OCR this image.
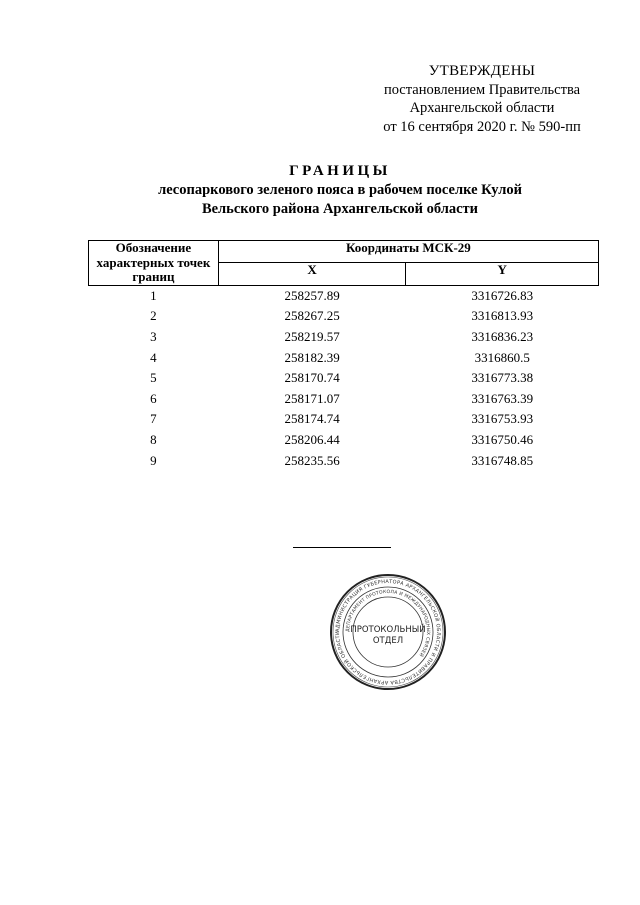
УТВЕРЖДЕНЫ
постановлением Правительства
Архангельской области
от 16 сентября 2020 г. № 590-пп
ГРАНИЦЫ
лесопаркового зеленого пояса в рабочем поселке Кулой
Вельского района Архангельской области
Обозначение характерных точек границ	Координаты МСК-29	
	X	Y
1	258257.89	3316726.83
2	258267.25	3316813.93
3	258219.57	3316836.23
4	258182.39	3316860.5
5	258170.74	3316773.38
6	258171.07	3316763.39
7	258174.74	3316753.93
8	258206.44	3316750.46
9	258235.56	3316748.85
АДМИНИСТРАЦИЯ ГУБЕРНАТОРА АРХАНГЕЛЬСКОЙ ОБЛАСТИ И ПРАВИТЕЛЬСТВА АРХАНГЕЛЬСКОЙ ОБЛАСТИ
ДЕПАРТАМЕНТ ПРОТОКОЛА И МЕЖДУНАРОДНЫХ СВЯЗЕЙ
ПРОТОКОЛЬНЫЙ
ОТДЕЛ
